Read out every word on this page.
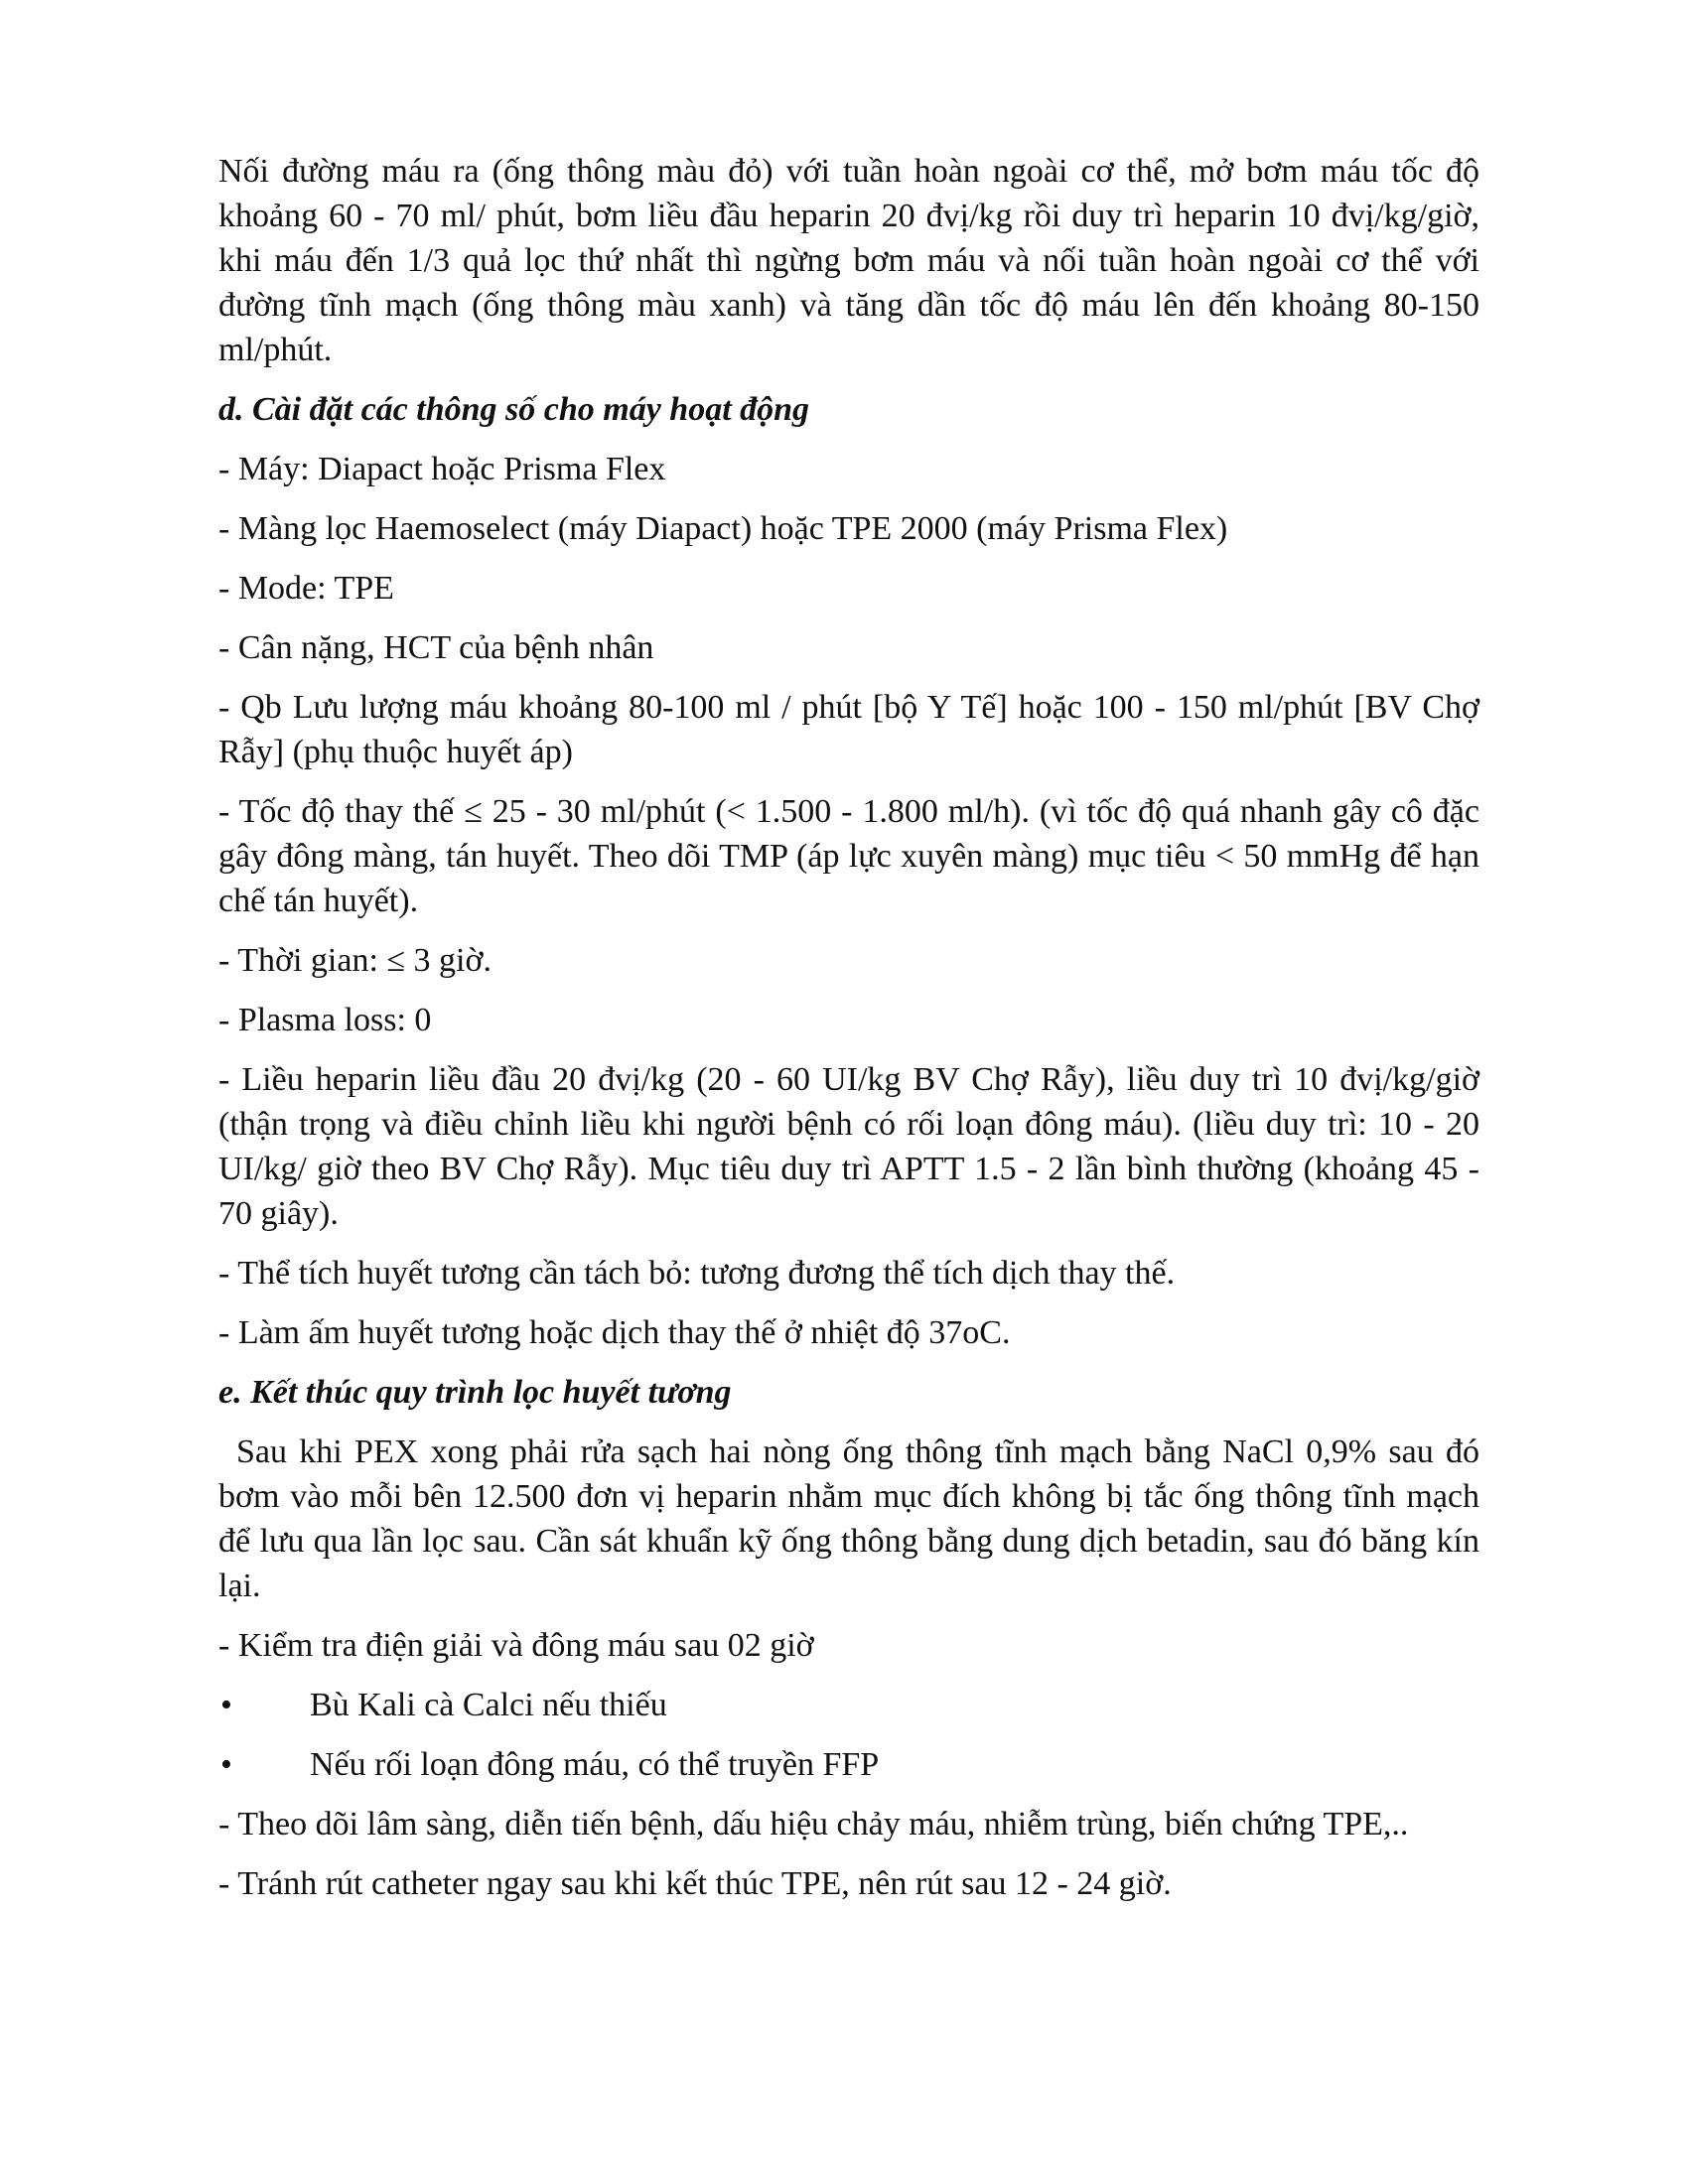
Nối đường máu ra (ống thông màu đỏ) với tuần hoàn ngoài cơ thể, mở bơm máu tốc độ khoảng 60 - 70 ml/ phút, bơm liều đầu heparin 20 đvị/kg rồi duy trì heparin 10 đvị/kg/giờ, khi máu đến 1/3 quả lọc thứ nhất thì ngừng bơm máu và nối tuần hoàn ngoài cơ thể với đường tĩnh mạch (ống thông màu xanh) và tăng dần tốc độ máu lên đến khoảng 80-150 ml/phút.

d. Cài đặt các thông số cho máy hoạt động

- Máy: Diapact hoặc Prisma Flex

- Màng lọc Haemoselect (máy Diapact) hoặc TPE 2000 (máy Prisma Flex)

- Mode: TPE

- Cân nặng, HCT của bệnh nhân

- Qb Lưu lượng máu khoảng 80-100 ml / phút [bộ Y Tế] hoặc 100 - 150 ml/phút [BV Chợ Rẫy] (phụ thuộc huyết áp)

- Tốc độ thay thế ≤ 25 - 30 ml/phút (< 1.500 - 1.800 ml/h). (vì tốc độ quá nhanh gây cô đặc gây đông màng, tán huyết. Theo dõi TMP (áp lực xuyên màng) mục tiêu < 50 mmHg để hạn chế tán huyết).

- Thời gian: ≤ 3 giờ.

- Plasma loss: 0

- Liều heparin liều đầu 20 đvị/kg (20 - 60 UI/kg BV Chợ Rẫy), liều duy trì 10 đvị/kg/giờ (thận trọng và điều chỉnh liều khi người bệnh có rối loạn đông máu). (liều duy trì: 10 - 20 UI/kg/ giờ theo BV Chợ Rẫy). Mục tiêu duy trì APTT 1.5 - 2 lần bình thường (khoảng 45 - 70 giây).

- Thể tích huyết tương cần tách bỏ: tương đương thể tích dịch thay thế.

- Làm ấm huyết tương hoặc dịch thay thế ở nhiệt độ 37oC.

e. Kết thúc quy trình lọc huyết tương

Sau khi PEX xong phải rửa sạch hai nòng ống thông tĩnh mạch bằng NaCl 0,9% sau đó bơm vào mỗi bên 12.500 đơn vị heparin nhằm mục đích không bị tắc ống thông tĩnh mạch để lưu qua lần lọc sau. Cần sát khuẩn kỹ ống thông bằng dung dịch betadin, sau đó băng kín lại.

- Kiểm tra điện giải và đông máu sau 02 giờ

•	Bù Kali cà Calci nếu thiếu
•	Nếu rối loạn đông máu, có thể truyền FFP

- Theo dõi lâm sàng, diễn tiến bệnh, dấu hiệu chảy máu, nhiễm trùng, biến chứng TPE,..

- Tránh rút catheter ngay sau khi kết thúc TPE, nên rút sau 12 - 24 giờ.
